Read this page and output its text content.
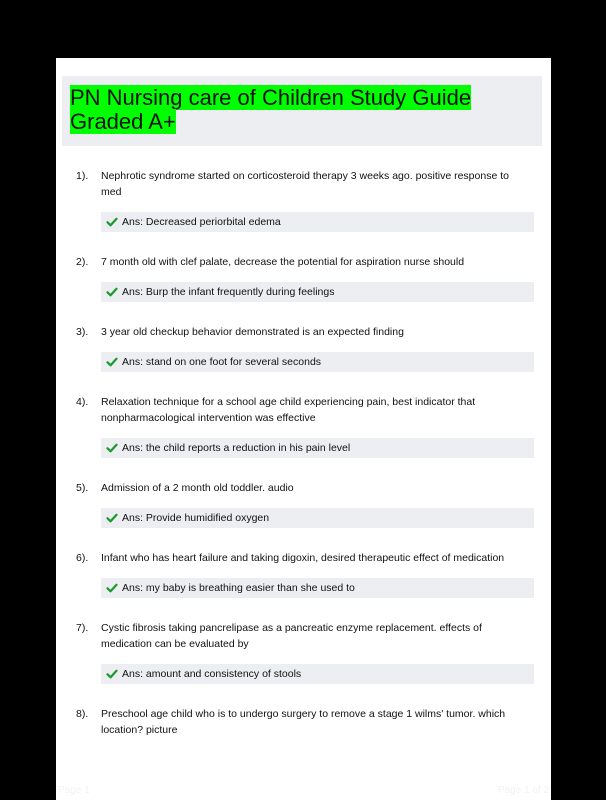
PN Nursing care of Children Study Guide Graded A+
1). Nephrotic syndrome started on corticosteroid therapy 3 weeks ago. positive response to med
Ans: Decreased periorbital edema
2). 7 month old with clef palate, decrease the potential for aspiration nurse should
Ans: Burp the infant frequently during feelings
3). 3 year old checkup behavior demonstrated is an expected finding
Ans: stand on one foot for several seconds
4). Relaxation technique for a school age child experiencing pain, best indicator that nonpharmacological intervention was effective
Ans: the child reports a reduction in his pain level
5). Admission of a 2 month old toddler. audio
Ans: Provide humidified oxygen
6). Infant who has heart failure and taking digoxin, desired therapeutic effect of medication
Ans: my baby is breathing easier than she used to
7). Cystic fibrosis taking pancrelipase as a pancreatic enzyme replacement. effects of medication can be evaluated by
Ans: amount and consistency of stools
8). Preschool age child who is to undergo surgery to remove a stage 1 wilms' tumor. which location? picture
Page 1	Page 1 of 2
